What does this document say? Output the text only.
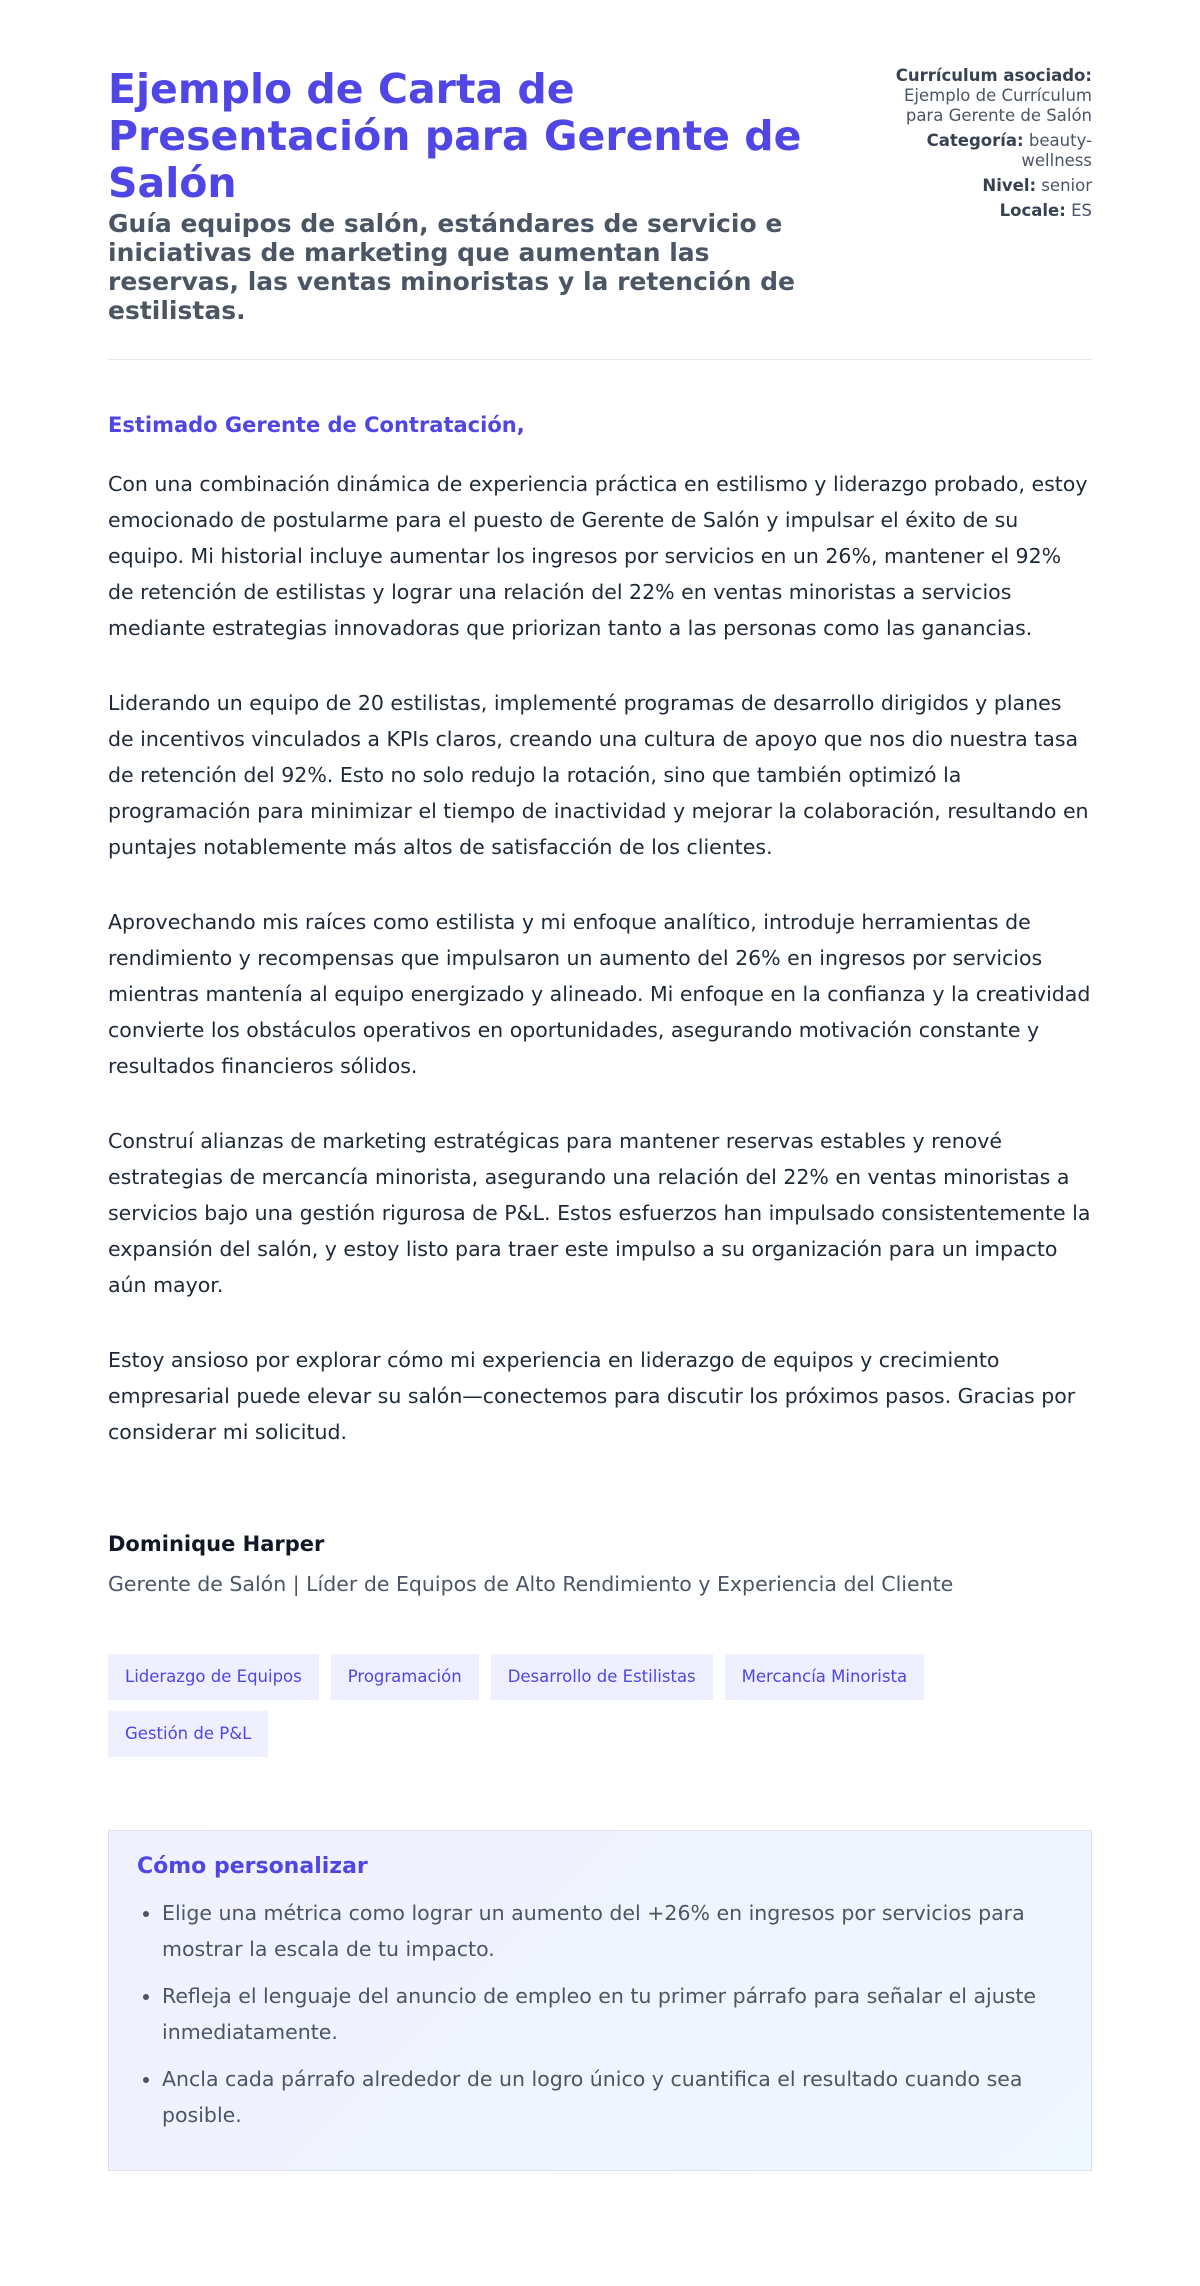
Ejemplo de Carta de Presentación para Gerente de Salón

Guía equipos de salón, estándares de servicio e iniciativas de marketing que aumentan las reservas, las ventas minoristas y la retención de estilistas.

Currículum asociado:
Ejemplo de Currículum para Gerente de Salón
Categoría: beauty-wellness
Nivel: senior
Locale: ES
Estimado Gerente de Contratación,

Con una combinación dinámica de experiencia práctica en estilismo y liderazgo probado, estoy emocionado de postularme para el puesto de Gerente de Salón y impulsar el éxito de su equipo. Mi historial incluye aumentar los ingresos por servicios en un 26%, mantener el 92% de retención de estilistas y lograr una relación del 22% en ventas minoristas a servicios mediante estrategias innovadoras que priorizan tanto a las personas como las ganancias.

Liderando un equipo de 20 estilistas, implementé programas de desarrollo dirigidos y planes de incentivos vinculados a KPIs claros, creando una cultura de apoyo que nos dio nuestra tasa de retención del 92%. Esto no solo redujo la rotación, sino que también optimizó la programación para minimizar el tiempo de inactividad y mejorar la colaboración, resultando en puntajes notablemente más altos de satisfacción de los clientes.

Aprovechando mis raíces como estilista y mi enfoque analítico, introduje herramientas de rendimiento y recompensas que impulsaron un aumento del 26% en ingresos por servicios mientras mantenía al equipo energizado y alineado. Mi enfoque en la confianza y la creatividad convierte los obstáculos operativos en oportunidades, asegurando motivación constante y resultados financieros sólidos.

Construí alianzas de marketing estratégicas para mantener reservas estables y renové estrategias de mercancía minorista, asegurando una relación del 22% en ventas minoristas a servicios bajo una gestión rigurosa de P&L. Estos esfuerzos han impulsado consistentemente la expansión del salón, y estoy listo para traer este impulso a su organización para un impacto aún mayor.

Estoy ansioso por explorar cómo mi experiencia en liderazgo de equipos y crecimiento empresarial puede elevar su salón—conectemos para discutir los próximos pasos. Gracias por considerar mi solicitud.

Dominique Harper
Gerente de Salón | Líder de Equipos de Alto Rendimiento y Experiencia del Cliente
Liderazgo de Equipos	Programación	Desarrollo de Estilistas	Mercancía Minorista
Gestión de P&L
Cómo personalizar
• Elige una métrica como lograr un aumento del +26% en ingresos por servicios para mostrar la escala de tu impacto.
• Refleja el lenguaje del anuncio de empleo en tu primer párrafo para señalar el ajuste inmediatamente.
• Ancla cada párrafo alrededor de un logro único y cuantifica el resultado cuando sea posible.
